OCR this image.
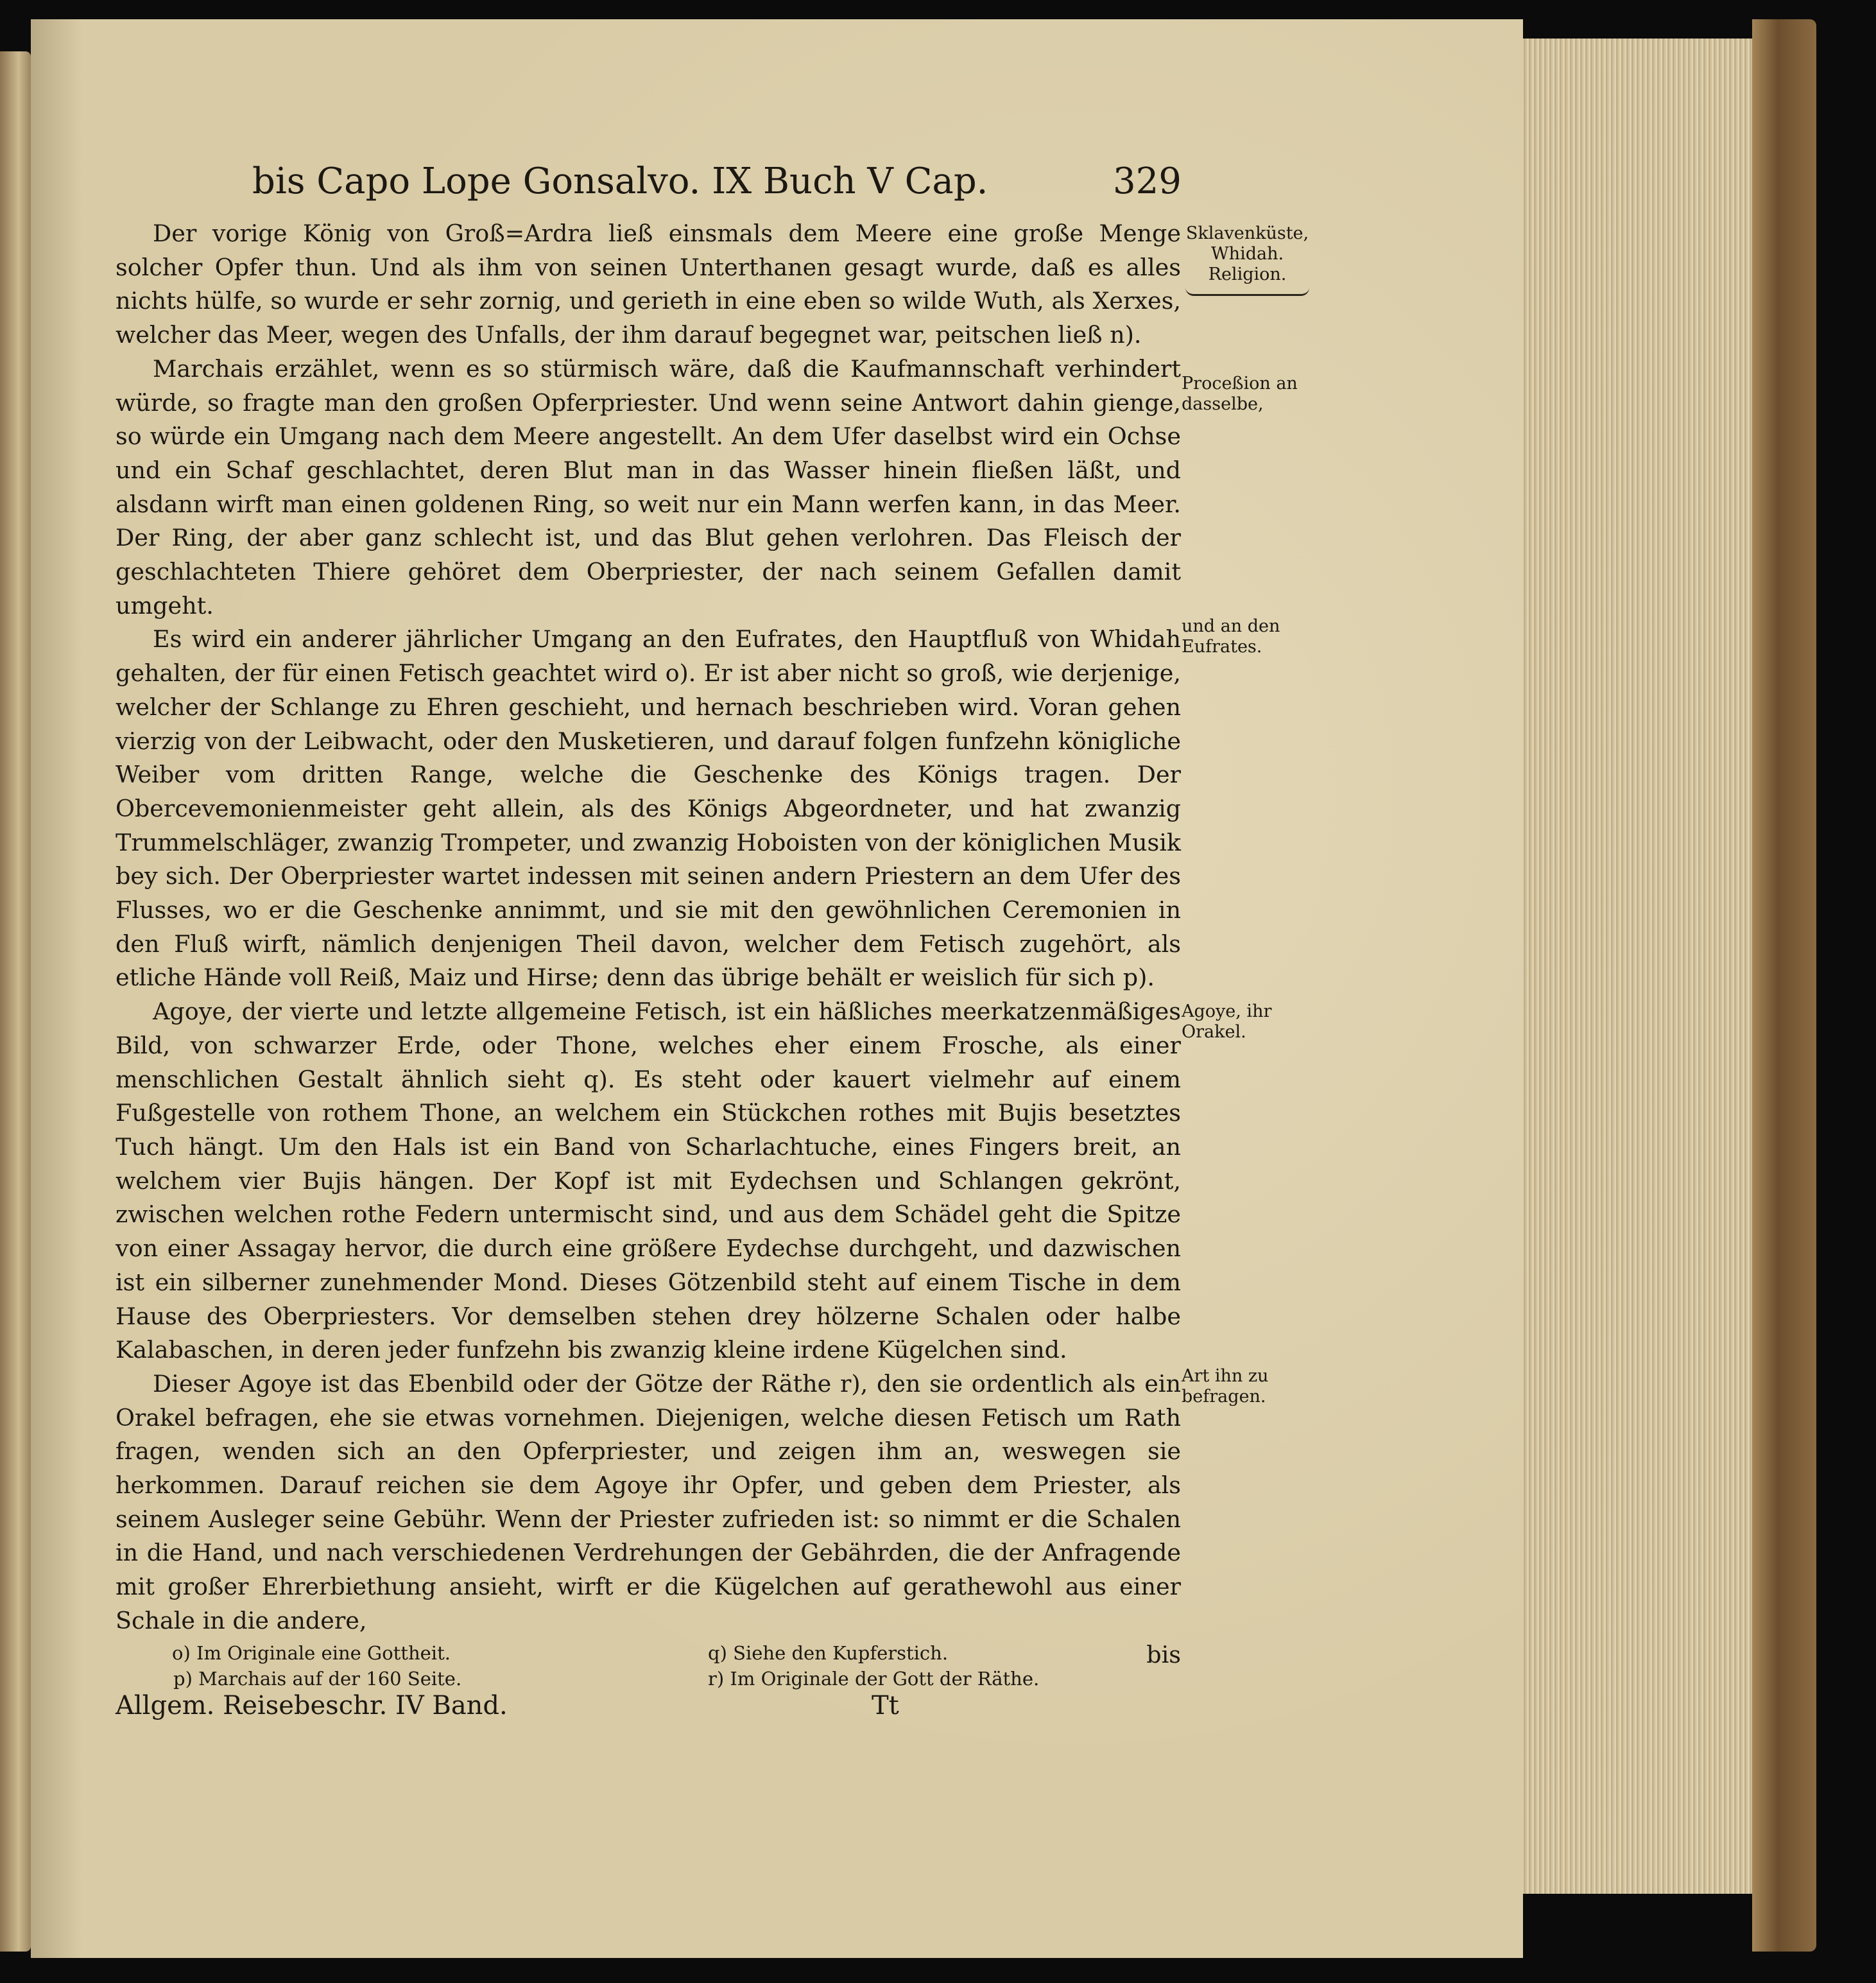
bis Capo Lope Gonsalvo. IX Buch V Cap.	329

Der vorige König von Groß=Ardra ließ einsmals dem Meere eine große Menge solcher Opfer thun. Und als ihm von seinen Unterthanen gesagt wurde, daß es alles nichts hülfe, so wurde er sehr zornig, und gerieth in eine eben so wilde Wuth, als Xerxes, welcher das Meer, wegen des Unfalls, der ihm darauf begegnet war, peitschen ließ n).

Marchais erzählet, wenn es so stürmisch wäre, daß die Kaufmannschaft verhindert würde, so fragte man den großen Opferpriester. Und wenn seine Antwort dahin gienge, so würde ein Umgang nach dem Meere angestellt. An dem Ufer daselbst wird ein Ochse und ein Schaf geschlachtet, deren Blut man in das Wasser hinein fließen läßt, und alsdann wirft man einen goldenen Ring, so weit nur ein Mann werfen kann, in das Meer. Der Ring, der aber ganz schlecht ist, und das Blut gehen verlohren. Das Fleisch der geschlachteten Thiere gehöret dem Oberpriester, der nach seinem Gefallen damit umgeht.

Es wird ein anderer jährlicher Umgang an den Eufrates, den Hauptfluß von Whidah gehalten, der für einen Fetisch geachtet wird o). Er ist aber nicht so groß, wie derjenige, welcher der Schlange zu Ehren geschieht, und hernach beschrieben wird. Voran gehen vierzig von der Leibwacht, oder den Musketieren, und darauf folgen funfzehn königliche Weiber vom dritten Range, welche die Geschenke des Königs tragen. Der Obercevemonienmeister geht allein, als des Königs Abgeordneter, und hat zwanzig Trummelschläger, zwanzig Trompeter, und zwanzig Hoboisten von der königlichen Musik bey sich. Der Oberpriester wartet indessen mit seinen andern Priestern an dem Ufer des Flusses, wo er die Geschenke annimmt, und sie mit den gewöhnlichen Ceremonien in den Fluß wirft, nämlich denjenigen Theil davon, welcher dem Fetisch zugehört, als etliche Hände voll Reiß, Maiz und Hirse; denn das übrige behält er weislich für sich p).

Agoye, der vierte und letzte allgemeine Fetisch, ist ein häßliches meerkatzenmäßiges Bild, von schwarzer Erde, oder Thone, welches eher einem Frosche, als einer menschlichen Gestalt ähnlich sieht q). Es steht oder kauert vielmehr auf einem Fußgestelle von rothem Thone, an welchem ein Stückchen rothes mit Bujis besetztes Tuch hängt. Um den Hals ist ein Band von Scharlachtuche, eines Fingers breit, an welchem vier Bujis hängen. Der Kopf ist mit Eydechsen und Schlangen gekrönt, zwischen welchen rothe Federn untermischt sind, und aus dem Schädel geht die Spitze von einer Assagay hervor, die durch eine größere Eydechse durchgeht, und dazwischen ist ein silberner zunehmender Mond. Dieses Götzenbild steht auf einem Tische in dem Hause des Oberpriesters. Vor demselben stehen drey hölzerne Schalen oder halbe Kalabaschen, in deren jeder funfzehn bis zwanzig kleine irdene Kügelchen sind.

Dieser Agoye ist das Ebenbild oder der Götze der Räthe r), den sie ordentlich als ein Orakel befragen, ehe sie etwas vornehmen. Diejenigen, welche diesen Fetisch um Rath fragen, wenden sich an den Opferpriester, und zeigen ihm an, weswegen sie herkommen. Darauf reichen sie dem Agoye ihr Opfer, und geben dem Priester, als seinem Ausleger seine Gebühr. Wenn der Priester zufrieden ist: so nimmt er die Schalen in die Hand, und nach verschiedenen Verdrehungen der Gebährden, die der Anfragende mit großer Ehrerbiethung ansieht, wirft er die Kügelchen auf gerathewohl aus einer Schale in die andere,

bis

Sklavenküste, Whidah. Religion.
Proceßion an dasselbe,
und an den Eufrates.
Agoye, ihr Orakel.
Art ihn zu befragen.
o) Im Originale eine Gottheit.
p) Marchais auf der 160 Seite.
q) Siehe den Kupferstich.
r) Im Originale der Gott der Räthe.
Allgem. Reisebeschr. IV Band.	Tt
